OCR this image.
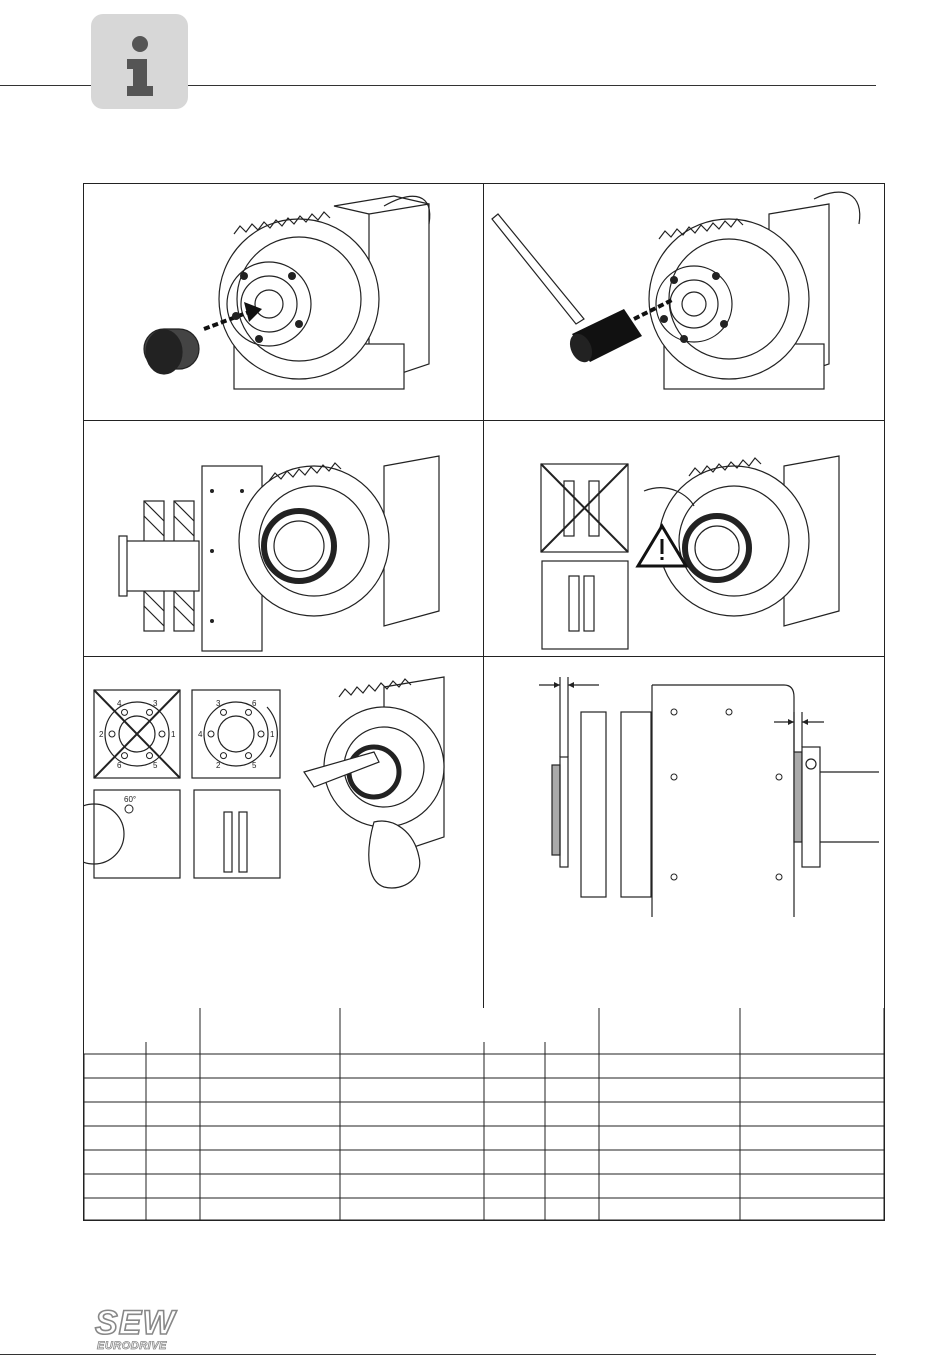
60°
3
1
5
6
2
4	6
1
5
2
4
3
SEW
EURODRIVE
